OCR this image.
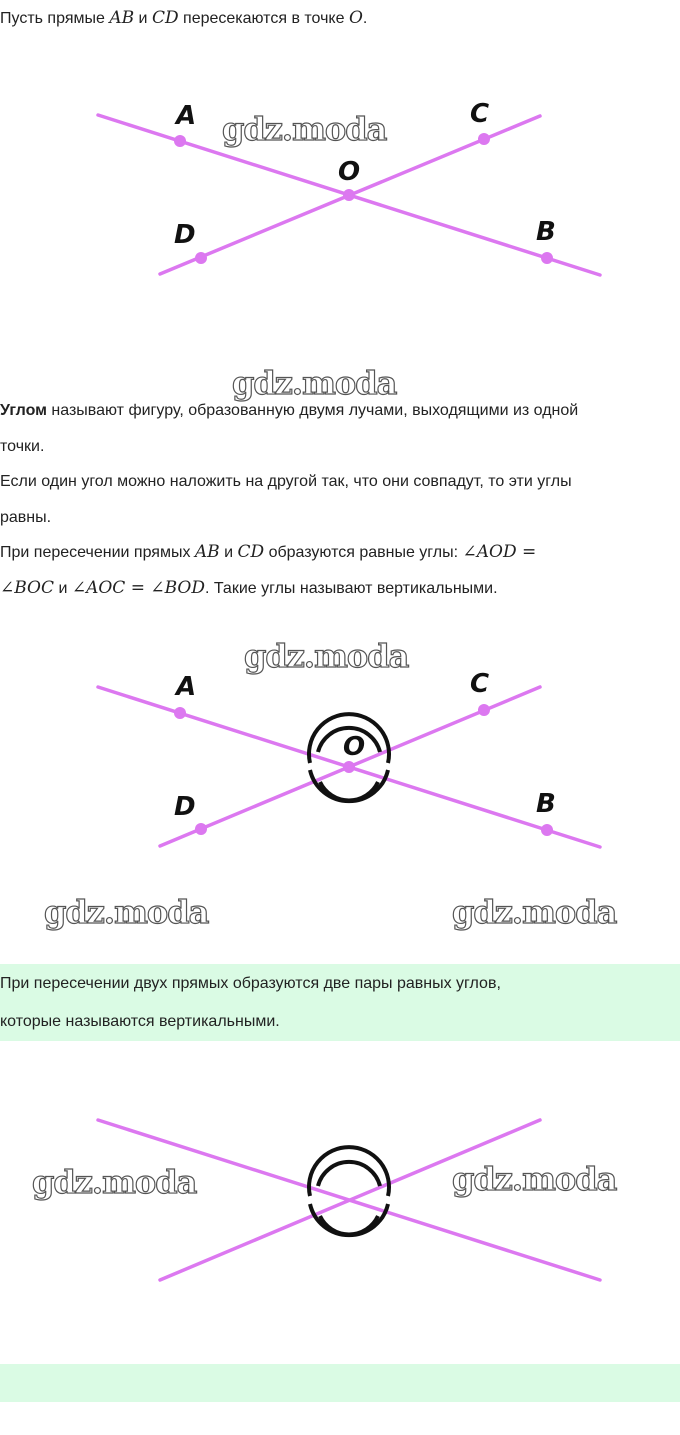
Пусть прямые AB и CD пересекаются в точке O.

A	C
O
D	B
gdz.moda
gdz.moda

Углом называют фигуру, образованную двумя лучами, выходящими из одной

точки.

Если один угол можно наложить на другой так, что они совпадут, то эти углы

равны.

При пересечении прямых AB и CD образуются равные углы: ∠AOD =

∠BOC и ∠AOC = ∠BOD. Такие углы называют вертикальными.

A	C
O
D	B
gdz.moda
gdz.moda	gdz.moda

При пересечении двух прямых образуются две пары равных углов,

которые называются вертикальными.

gdz.moda	gdz.moda
